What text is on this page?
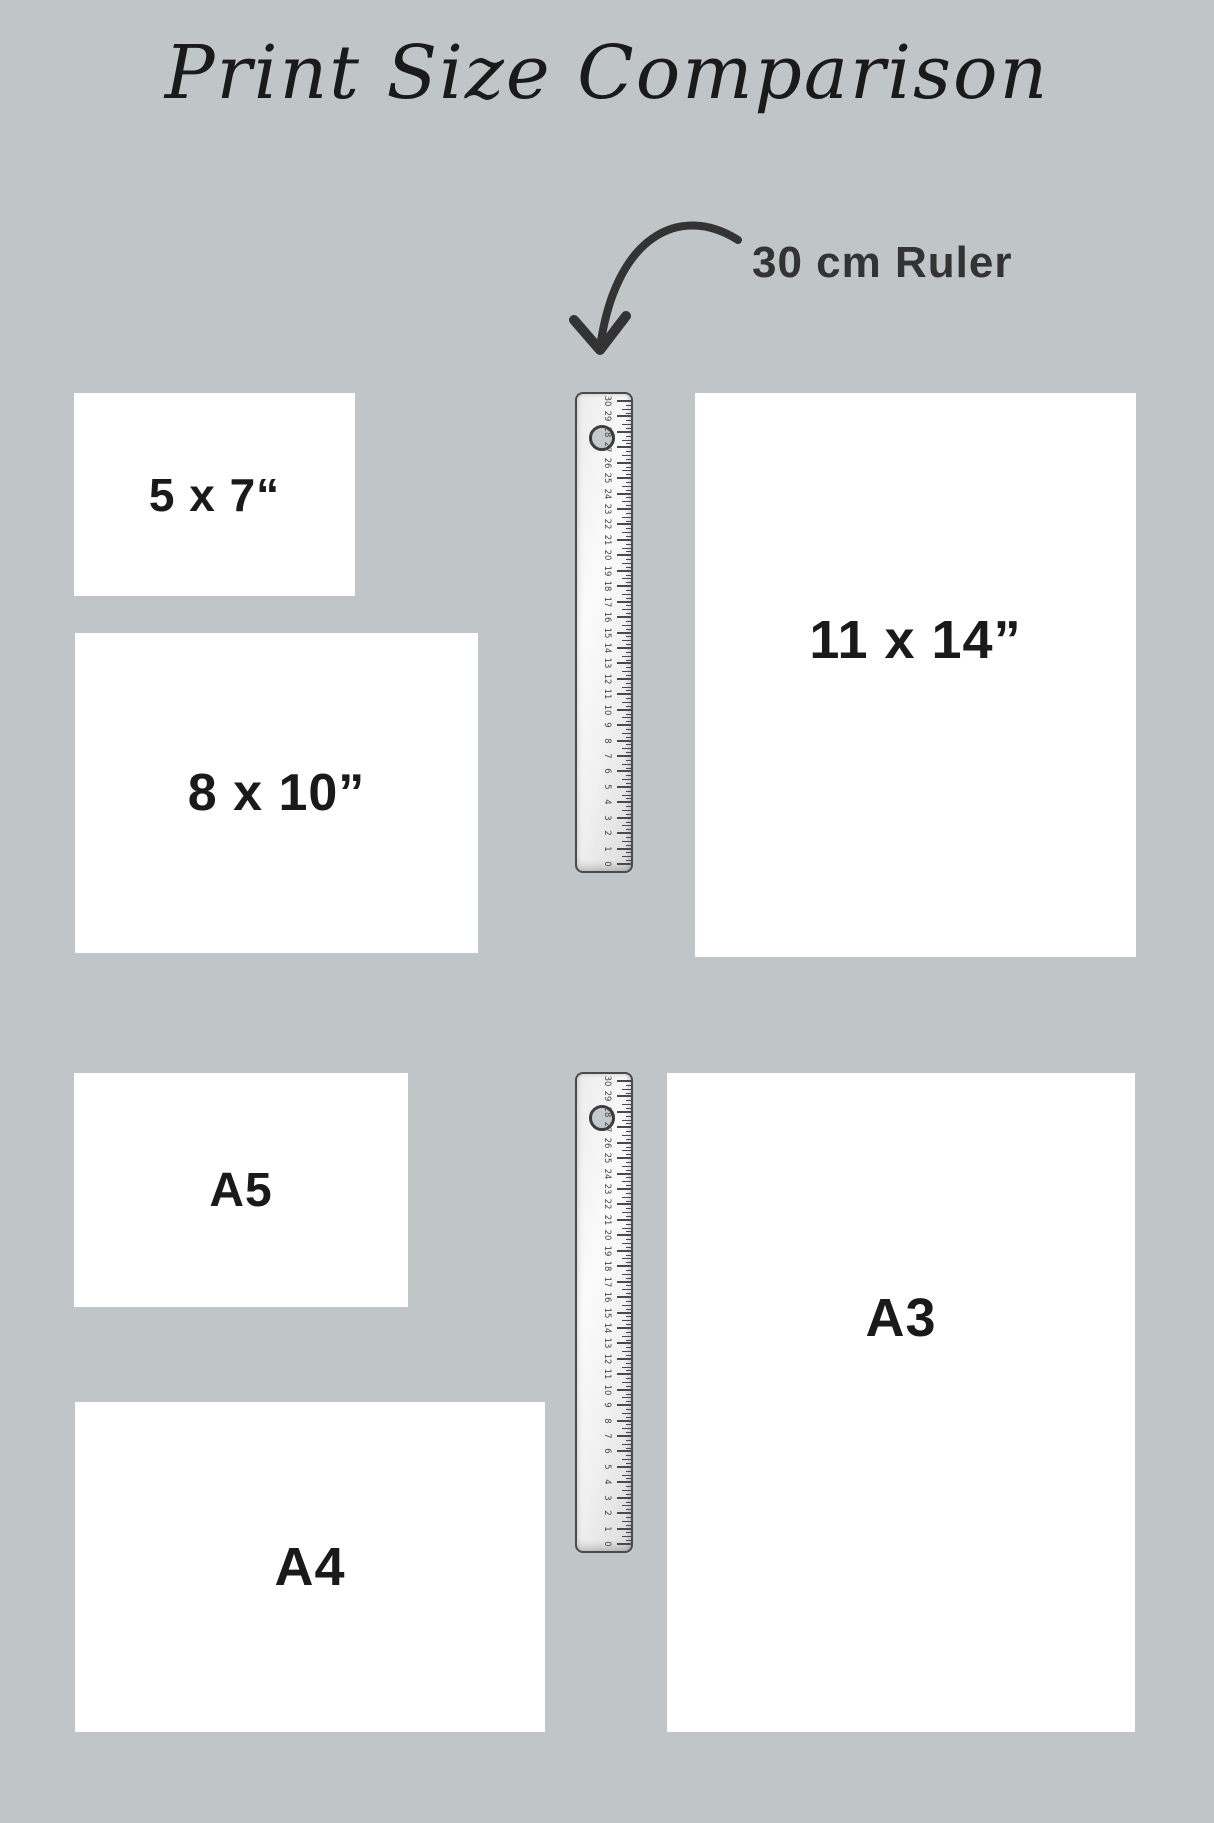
Print Size Comparison
30 cm Ruler
5 x 7“
8 x 10”
11 x 14”
A5
A4
A3
0
1
2
3
4
5
6
7
8
9
10
11
12
13
14
15
16
17
18
19
20
21
22
23
24
25
26
27
28
29
30
0
1
2
3
4
5
6
7
8
9
10
11
12
13
14
15
16
17
18
19
20
21
22
23
24
25
26
27
28
29
30
